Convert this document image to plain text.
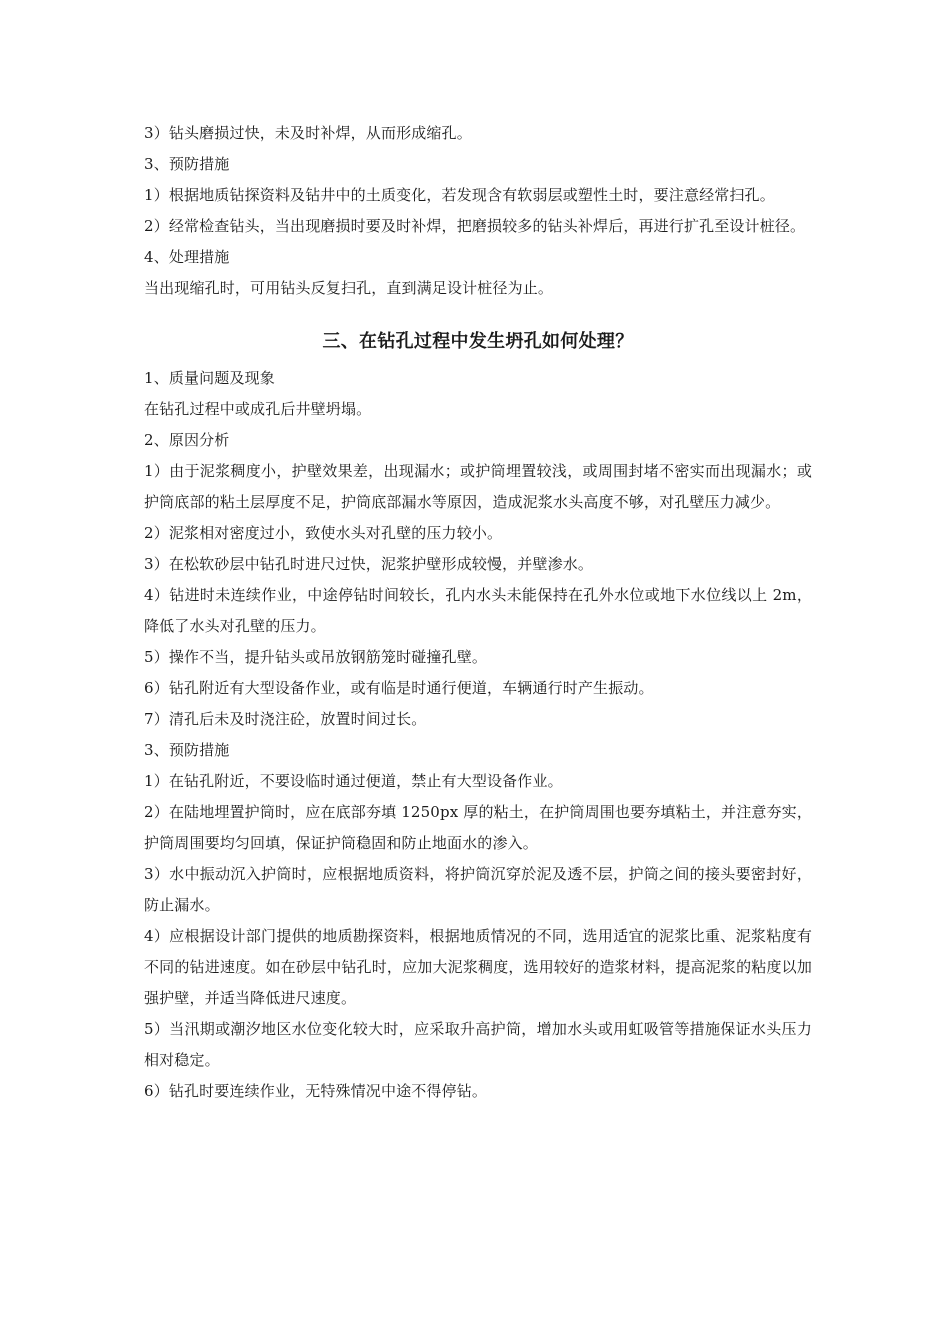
3）钻头磨损过快，未及时补焊，从而形成缩孔。

3、预防措施

1）根据地质钻探资料及钻井中的土质变化，若发现含有软弱层或塑性土时，要注意经常扫孔。

2）经常检查钻头，当出现磨损时要及时补焊，把磨损较多的钻头补焊后，再进行扩孔至设计桩径。

4、处理措施

当出现缩孔时，可用钻头反复扫孔，直到满足设计桩径为止。

三、在钻孔过程中发生坍孔如何处理？

1、质量问题及现象

在钻孔过程中或成孔后井壁坍塌。

2、原因分析

1）由于泥浆稠度小，护壁效果差，出现漏水；或护筒埋置较浅，或周围封堵不密实而出现漏水；或护筒底部的粘土层厚度不足，护筒底部漏水等原因，造成泥浆水头高度不够，对孔壁压力减少。

2）泥浆相对密度过小，致使水头对孔壁的压力较小。

3）在松软砂层中钻孔时进尺过快，泥浆护壁形成较慢，并壁渗水。

4）钻进时未连续作业，中途停钻时间较长，孔内水头未能保持在孔外水位或地下水位线以上 2m，降低了水头对孔壁的压力。

5）操作不当，提升钻头或吊放钢筋笼时碰撞孔壁。

6）钻孔附近有大型设备作业，或有临是时通行便道，车辆通行时产生振动。

7）清孔后未及时浇注砼，放置时间过长。

3、预防措施

1）在钻孔附近，不要设临时通过便道，禁止有大型设备作业。

2）在陆地埋置护筒时，应在底部夯填 1250px 厚的粘土，在护筒周围也要夯填粘土，并注意夯实，护筒周围要均匀回填，保证护筒稳固和防止地面水的渗入。

3）水中振动沉入护筒时，应根据地质资料，将护筒沉穿於泥及透不层，护筒之间的接头要密封好，防止漏水。

4）应根据设计部门提供的地质勘探资料，根据地质情况的不同，选用适宜的泥浆比重、泥浆粘度有不同的钻进速度。如在砂层中钻孔时，应加大泥浆稠度，选用较好的造浆材料，提高泥浆的粘度以加强护壁，并适当降低进尺速度。

5）当汛期或潮汐地区水位变化较大时，应采取升高护筒，增加水头或用虹吸管等措施保证水头压力相对稳定。

6）钻孔时要连续作业，无特殊情况中途不得停钻。
